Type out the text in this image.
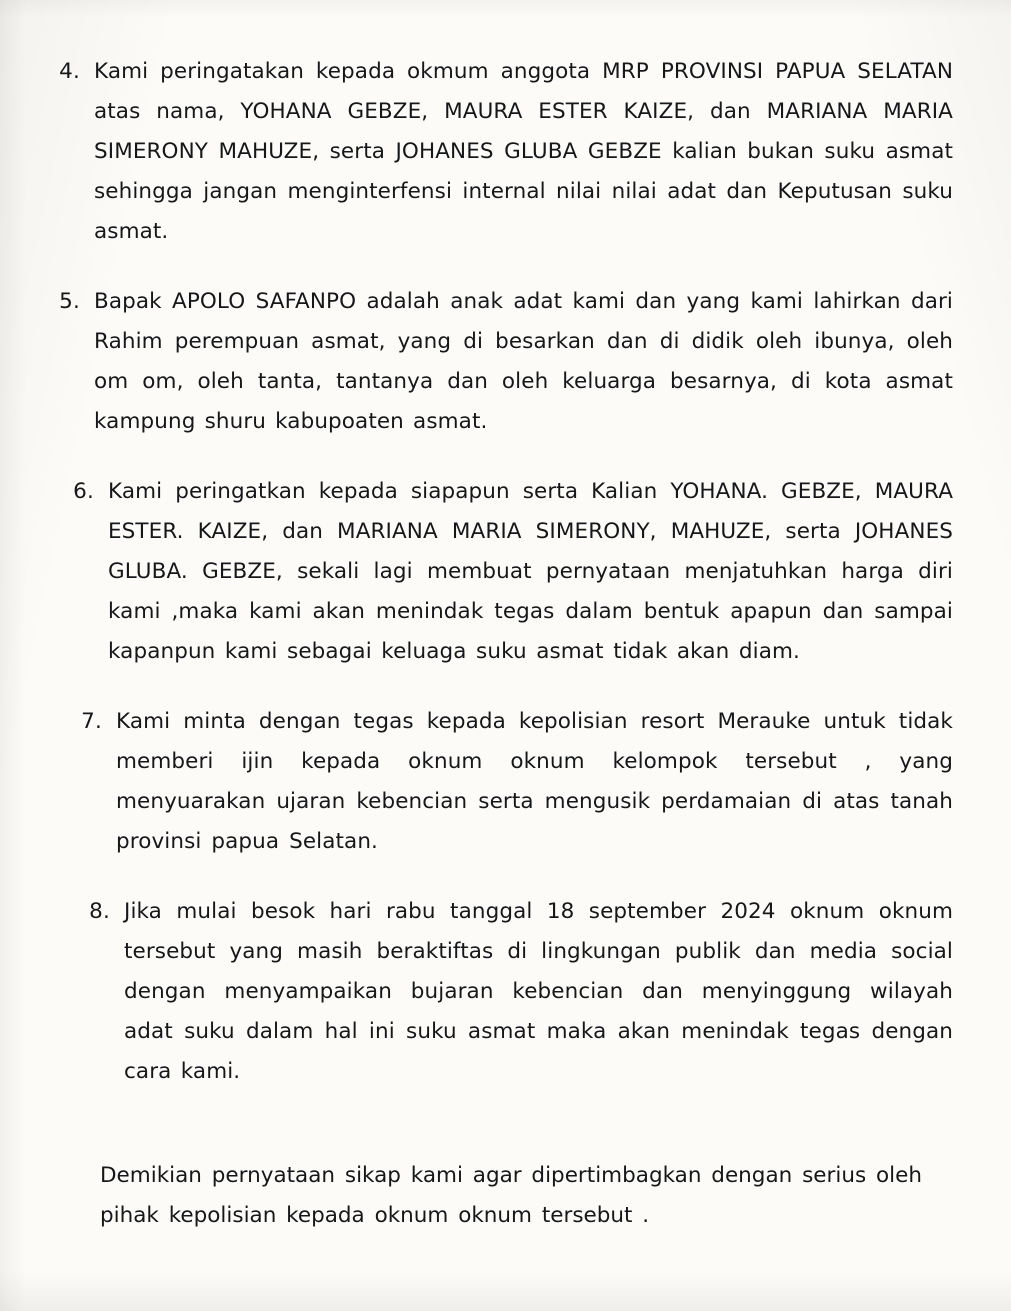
4. Kami peringatakan kepada okmum anggota MRP PROVINSI PAPUA SELATAN atas nama, YOHANA GEBZE, MAURA ESTER KAIZE, dan MARIANA MARIA SIMERONY MAHUZE, serta JOHANES GLUBA GEBZE kalian bukan suku asmat sehingga jangan menginterfensi internal nilai nilai adat dan Keputusan suku asmat.
5. Bapak APOLO SAFANPO adalah anak adat kami dan yang kami lahirkan dari Rahim perempuan asmat, yang di besarkan dan di didik oleh ibunya, oleh om om, oleh tanta, tantanya dan oleh keluarga besarnya, di kota asmat kampung shuru kabupoaten asmat.
6. Kami peringatkan kepada siapapun serta Kalian YOHANA. GEBZE, MAURA ESTER. KAIZE, dan MARIANA MARIA SIMERONY, MAHUZE, serta JOHANES GLUBA. GEBZE, sekali lagi membuat pernyataan menjatuhkan harga diri kami ,maka kami akan menindak tegas dalam bentuk apapun dan sampai kapanpun kami sebagai keluaga suku asmat tidak akan diam.
7. Kami minta dengan tegas kepada kepolisian resort Merauke untuk tidak memberi ijin kepada oknum oknum kelompok tersebut , yang menyuarakan ujaran kebencian serta mengusik perdamaian di atas tanah provinsi papua Selatan.
8. Jika mulai besok hari rabu tanggal 18 september 2024 oknum oknum tersebut yang masih beraktiftas di lingkungan publik dan media social dengan menyampaikan bujaran kebencian dan menyinggung wilayah adat suku dalam hal ini suku asmat maka akan menindak tegas dengan cara kami.
Demikian pernyataan sikap kami agar dipertimbagkan dengan serius oleh
pihak kepolisian kepada oknum oknum tersebut .
